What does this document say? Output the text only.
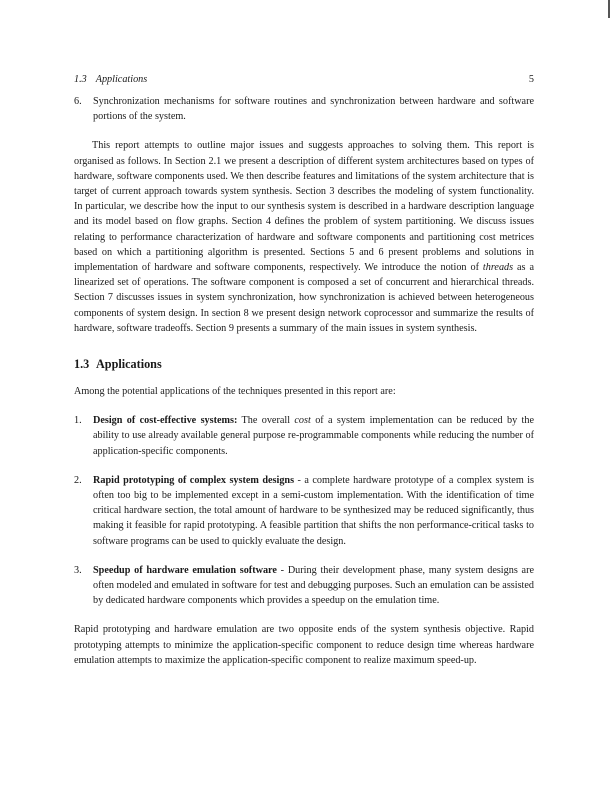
1.3 Applications	5

6. Synchronization mechanisms for software routines and synchronization between hardware and software portions of the system.

This report attempts to outline major issues and suggests approaches to solving them. This report is organised as follows. In Section 2.1 we present a description of different system architectures based on types of hardware, software components used. We then describe features and limitations of the system architecture that is target of current approach towards system synthesis. Section 3 describes the modeling of system functionality. In particular, we describe how the input to our synthesis system is described in a hardware description language and its model based on flow graphs. Section 4 defines the problem of system partitioning. We discuss issues relating to performance characterization of hardware and software components and partitioning cost metrices based on which a partitioning algorithm is presented. Sections 5 and 6 present problems and solutions in implementation of hardware and software components, respectively. We introduce the notion of threads as a linearized set of operations. The software component is composed a set of concurrent and hierarchical threads. Section 7 discusses issues in system synchronization, how synchronization is achieved between heterogeneous components of system design. In section 8 we present design network coprocessor and summarize the results of hardware, software tradeoffs. Section 9 presents a summary of the main issues in system synthesis.

1.3 Applications

Among the potential applications of the techniques presented in this report are:

1. Design of cost-effective systems: The overall cost of a system implementation can be reduced by the ability to use already available general purpose re-programmable components while reducing the number of application-specific components.

2. Rapid prototyping of complex system designs - a complete hardware prototype of a complex system is often too big to be implemented except in a semi-custom implementation. With the identification of time critical hardware section, the total amount of hardware to be synthesized may be reduced significantly, thus making it feasible for rapid prototyping. A feasible partition that shifts the non performance-critical tasks to software programs can be used to quickly evaluate the design.

3. Speedup of hardware emulation software - During their development phase, many system designs are often modeled and emulated in software for test and debugging purposes. Such an emulation can be assisted by dedicated hardware components which provides a speedup on the emulation time.

Rapid prototyping and hardware emulation are two opposite ends of the system synthesis objective. Rapid prototyping attempts to minimize the application-specific component to reduce design time whereas hardware emulation attempts to maximize the application-specific component to realize maximum speed-up.
